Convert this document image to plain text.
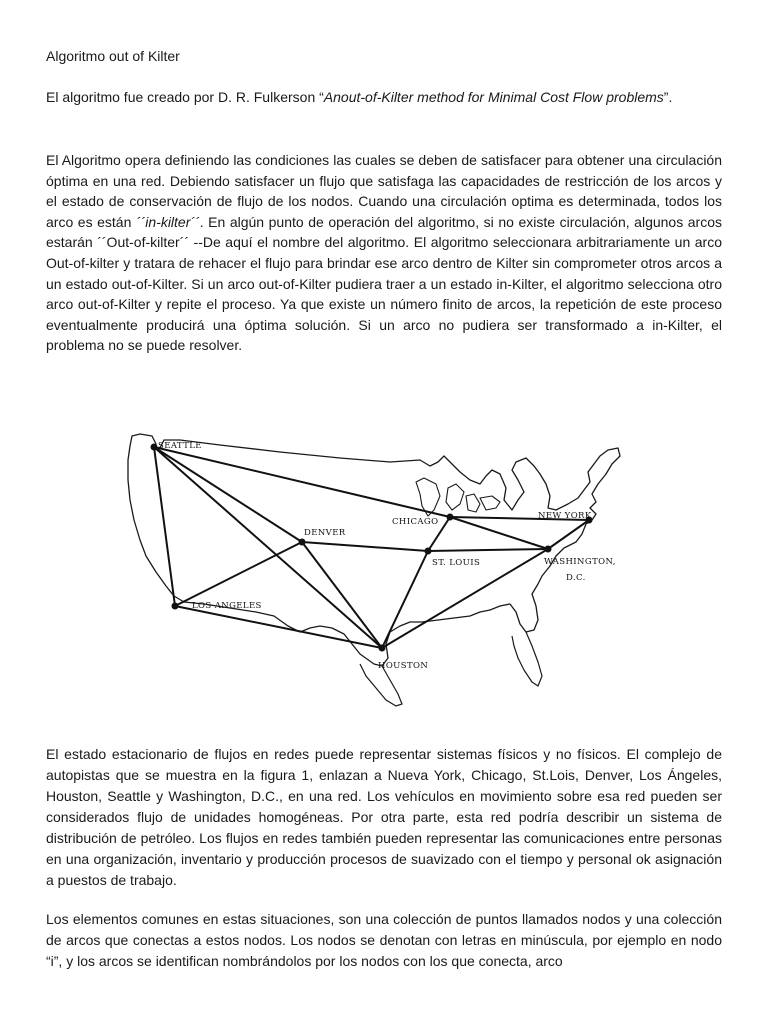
Algoritmo out of Kilter

El algoritmo fue creado por D. R. Fulkerson “Anout-of-Kilter method for Minimal Cost Flow problems”.

El Algoritmo opera definiendo las condiciones las cuales se deben de satisfacer para obtener una circulación óptima en una red. Debiendo satisfacer un flujo que satisfaga las capacidades de restricción de los arcos y el estado de conservación de flujo de los nodos. Cuando una circulación optima es determinada, todos los arco es están ´´in-kilter´´. En algún punto de operación del algoritmo, si no existe circulación, algunos arcos estarán ´´Out-of-kilter´´ --De aquí el nombre del algoritmo. El algoritmo seleccionara arbitrariamente un arco Out-of-kilter y tratara de rehacer el flujo para brindar ese arco dentro de Kilter sin comprometer otros arcos a un estado out-of-Kilter. Si un arco out-of-Kilter pudiera traer a un estado in-Kilter, el algoritmo selecciona otro arco out-of-Kilter y repite el proceso. Ya que existe un número finito de arcos, la repetición de este proceso eventualmente producirá una óptima solución. Si un arco no pudiera ser transformado a in-Kilter, el problema no se puede resolver.

SEATTLE
DENVER
CHICAGO
NEW YORK
ST. LOUIS	WASHINGTON,
D.C.
LOS ANGELES
HOUSTON

El estado estacionario de flujos en redes puede representar sistemas físicos y no físicos. El complejo de autopistas que se muestra en la figura 1, enlazan a Nueva York, Chicago, St.Lois, Denver, Los Ángeles, Houston, Seattle y Washington, D.C., en una red. Los vehículos en movimiento sobre esa red pueden ser considerados flujo de unidades homogéneas. Por otra parte, esta red podría describir un sistema de distribución de petróleo. Los flujos en redes también pueden representar las comunicaciones entre personas en una organización, inventario y producción procesos de suavizado con el tiempo y personal ok asignación a puestos de trabajo.

Los elementos comunes en estas situaciones, son una colección de puntos llamados nodos y una colección de arcos que conectas a estos nodos. Los nodos se denotan con letras en minúscula, por ejemplo en nodo “i”, y los arcos se identifican nombrándolos por los nodos con los que conecta, arco
